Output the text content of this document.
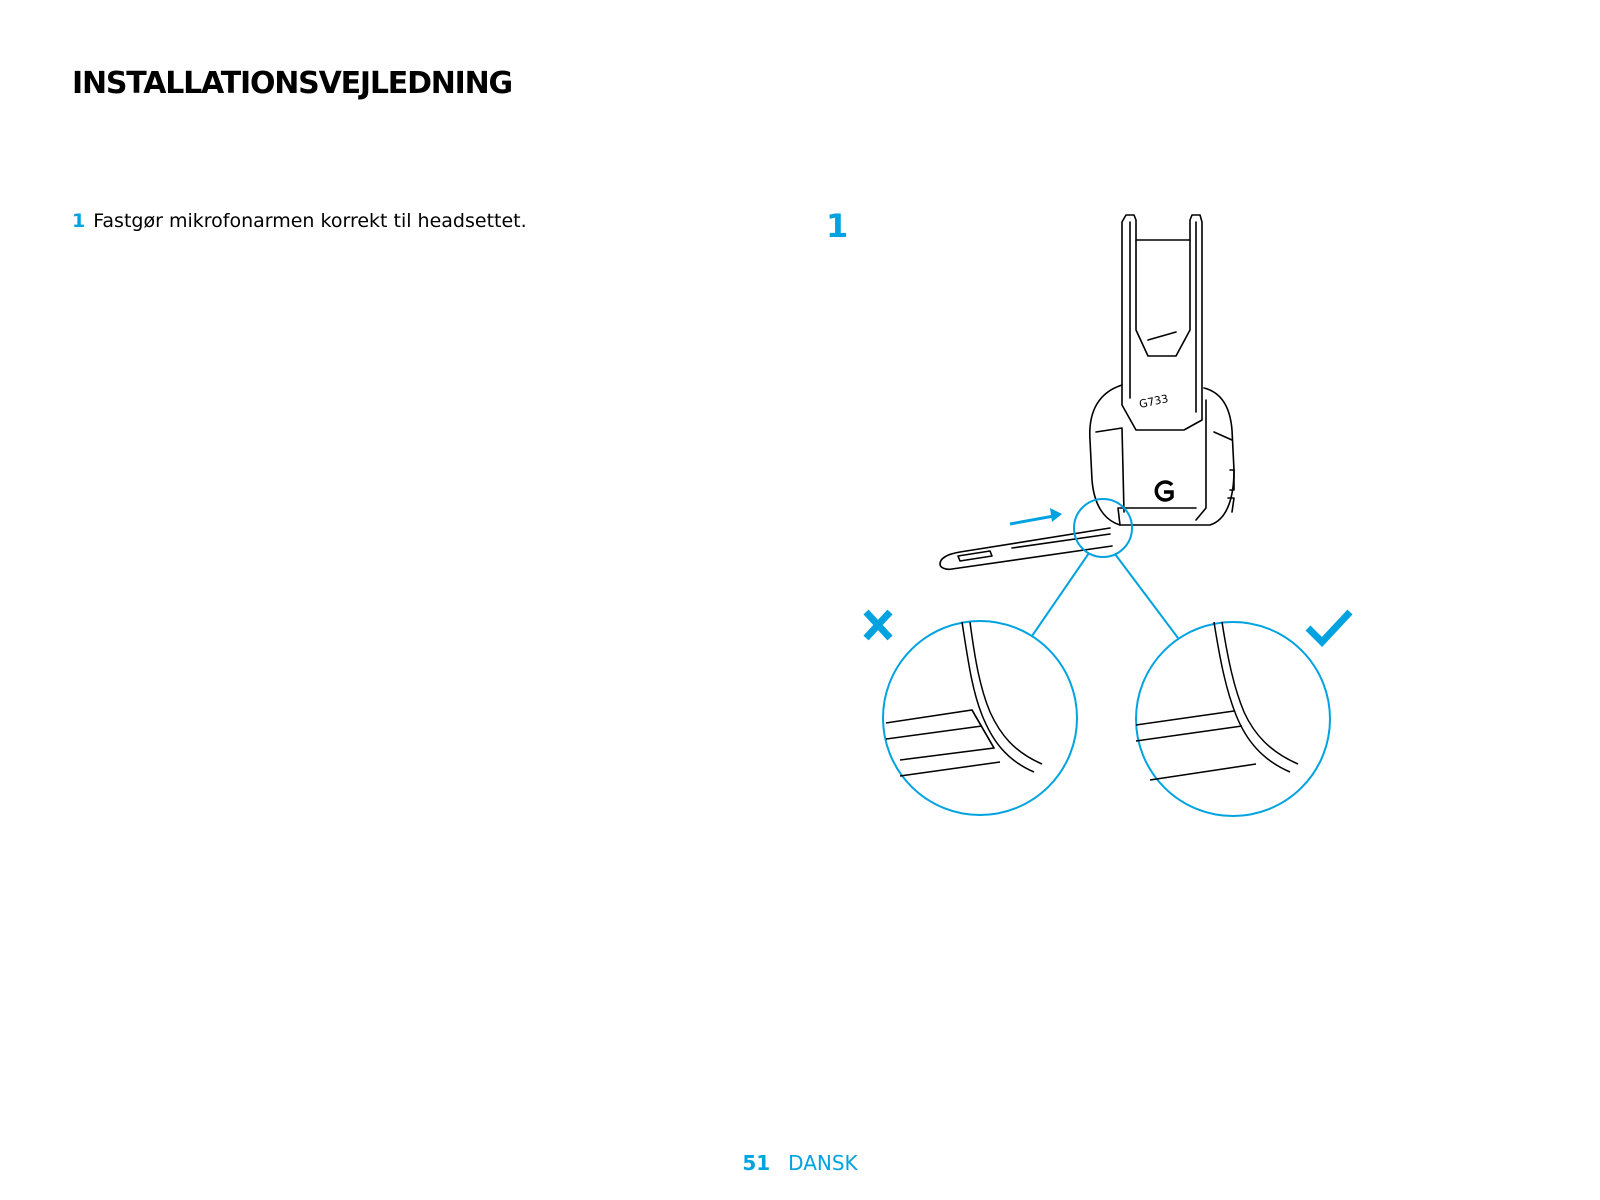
INSTALLATIONSVEJLEDNING
1 Fastgør mikrofonarmen korrekt til headsettet.	1
G733
51 DANSK
